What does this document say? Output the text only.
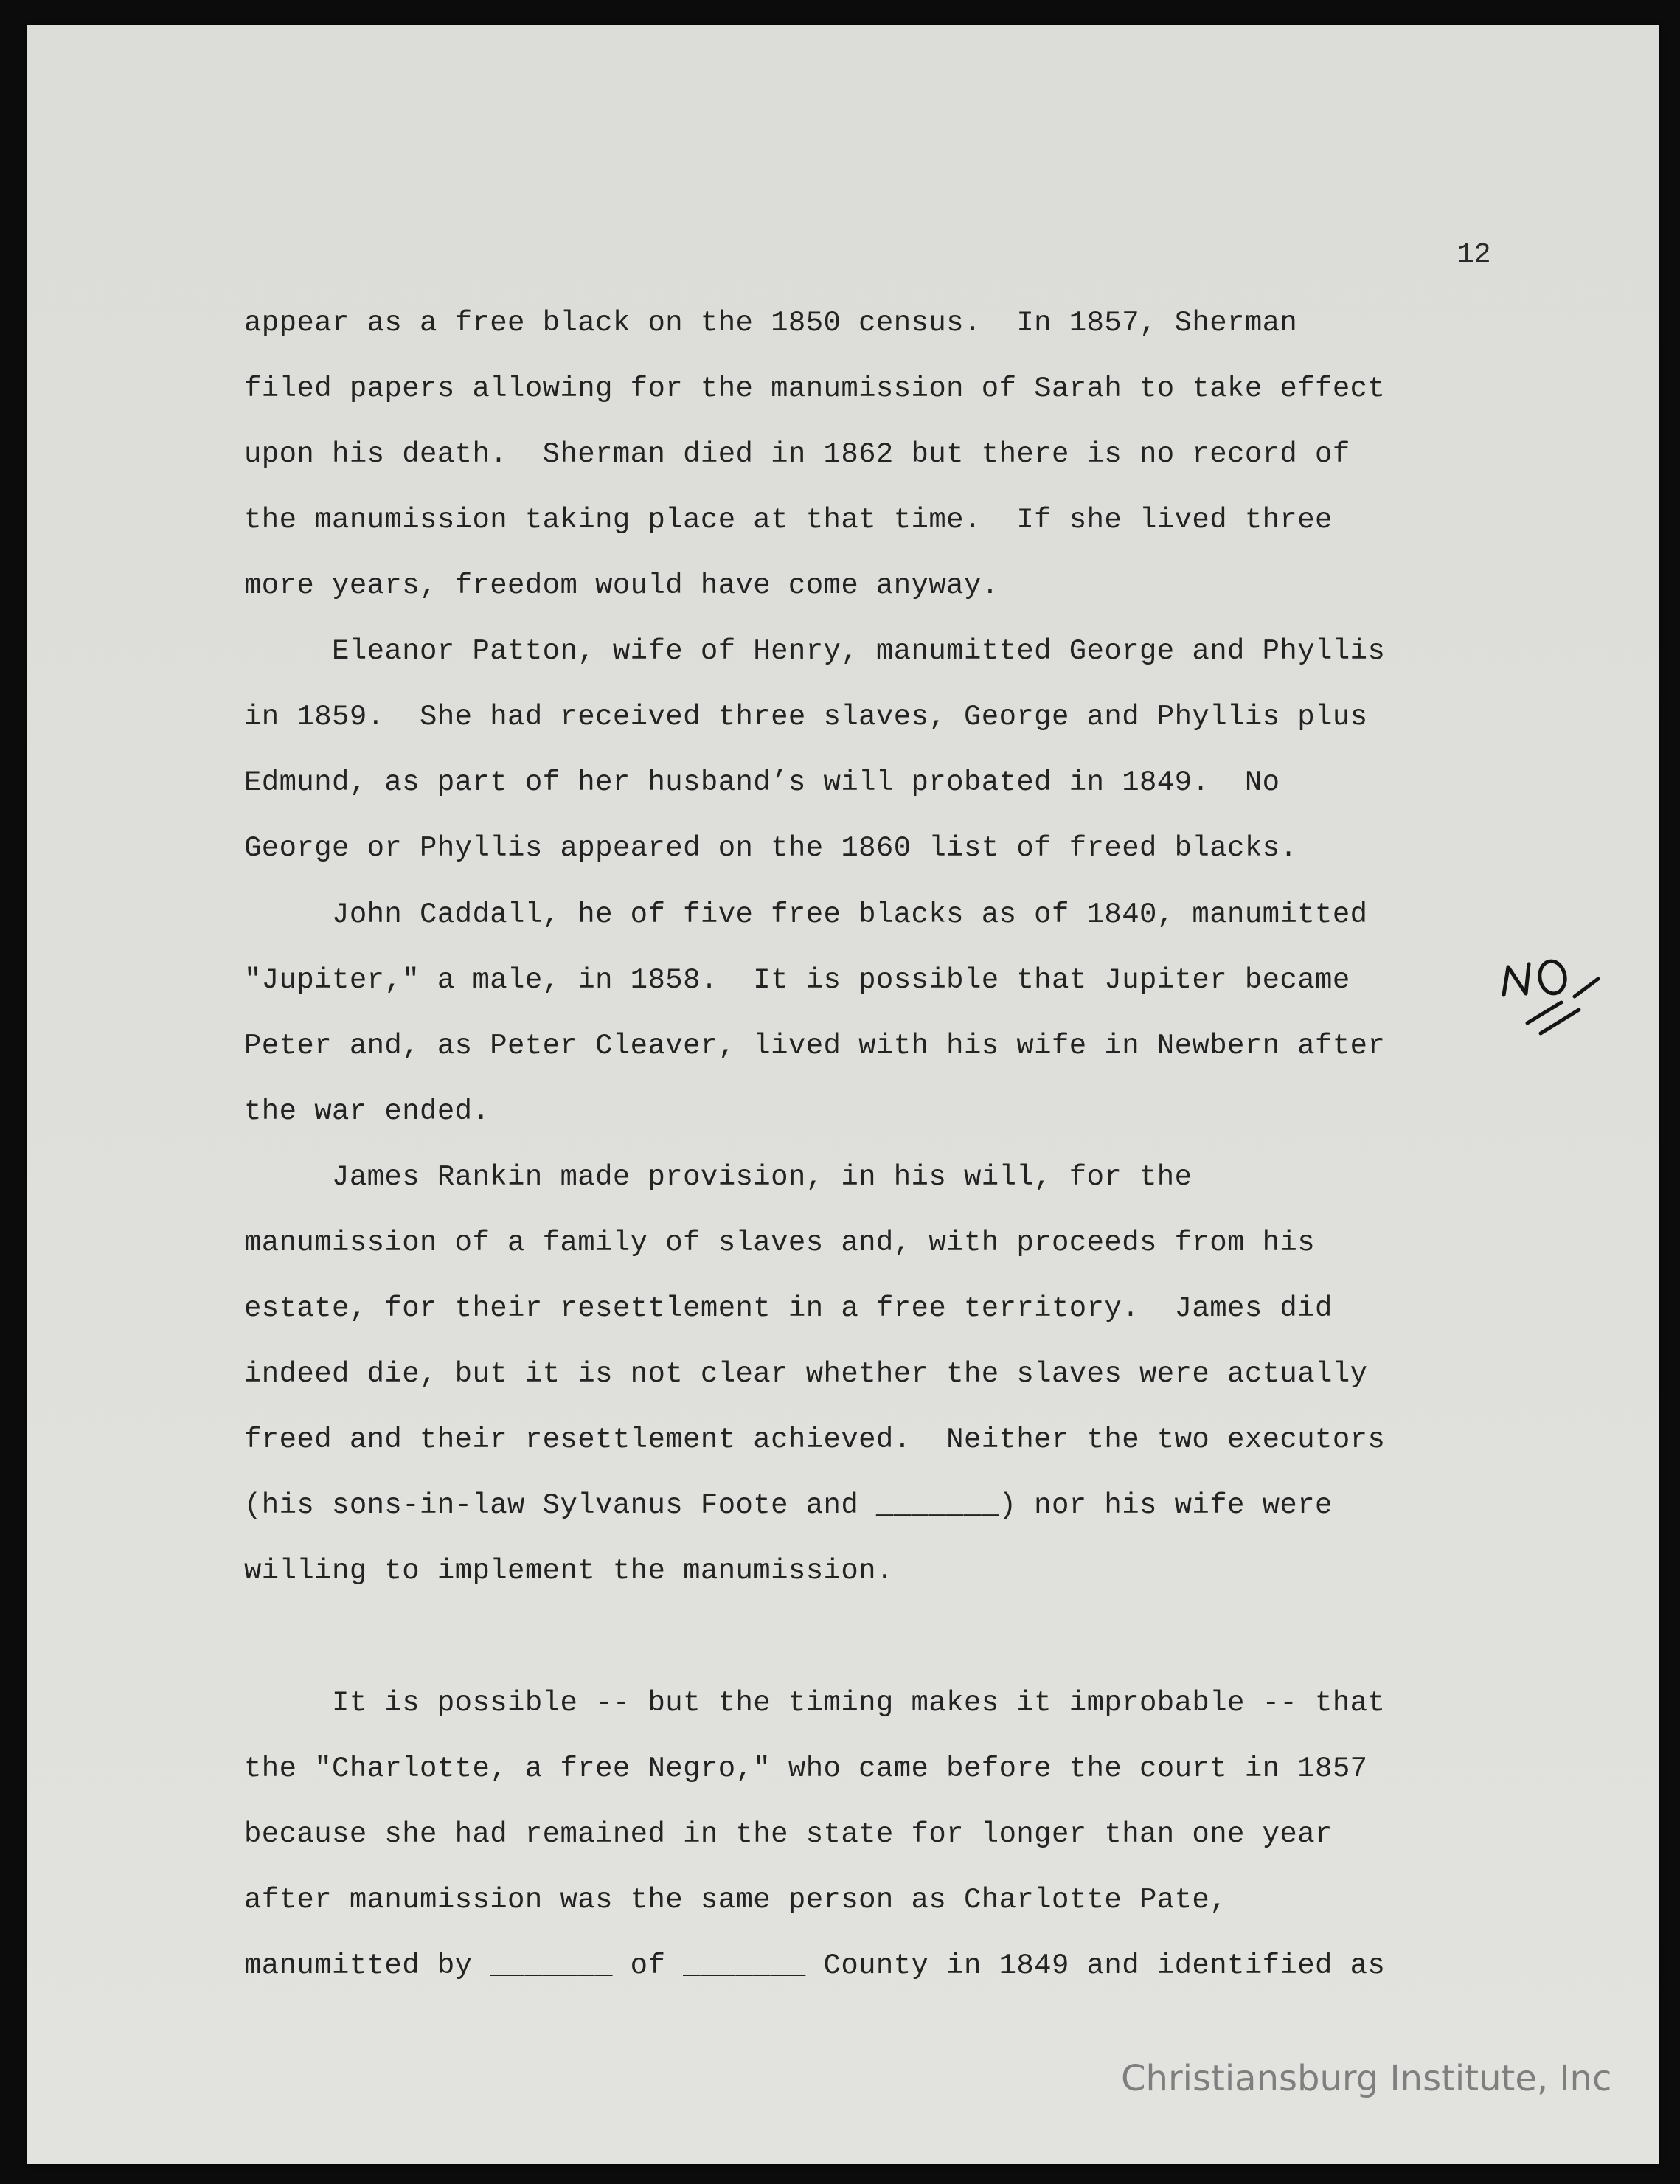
12
appear as a free black on the 1850 census.  In 1857, Sherman
filed papers allowing for the manumission of Sarah to take effect
upon his death.  Sherman died in 1862 but there is no record of
the manumission taking place at that time.  If she lived three
more years, freedom would have come anyway.
Eleanor Patton, wife of Henry, manumitted George and Phyllis
in 1859.  She had received three slaves, George and Phyllis plus
Edmund, as part of her husband’s will probated in 1849.  No
George or Phyllis appeared on the 1860 list of freed blacks.
John Caddall, he of five free blacks as of 1840, manumitted
"Jupiter," a male, in 1858.  It is possible that Jupiter became
Peter and, as Peter Cleaver, lived with his wife in Newbern after
the war ended.
James Rankin made provision, in his will, for the
manumission of a family of slaves and, with proceeds from his
estate, for their resettlement in a free territory.  James did
indeed die, but it is not clear whether the slaves were actually
freed and their resettlement achieved.  Neither the two executors
(his sons-in-law Sylvanus Foote and _______) nor his wife were
willing to implement the manumission.
It is possible -- but the timing makes it improbable -- that
the "Charlotte, a free Negro," who came before the court in 1857
because she had remained in the state for longer than one year
after manumission was the same person as Charlotte Pate,
manumitted by _______ of _______ County in 1849 and identified as
Christiansburg Institute, Inc
